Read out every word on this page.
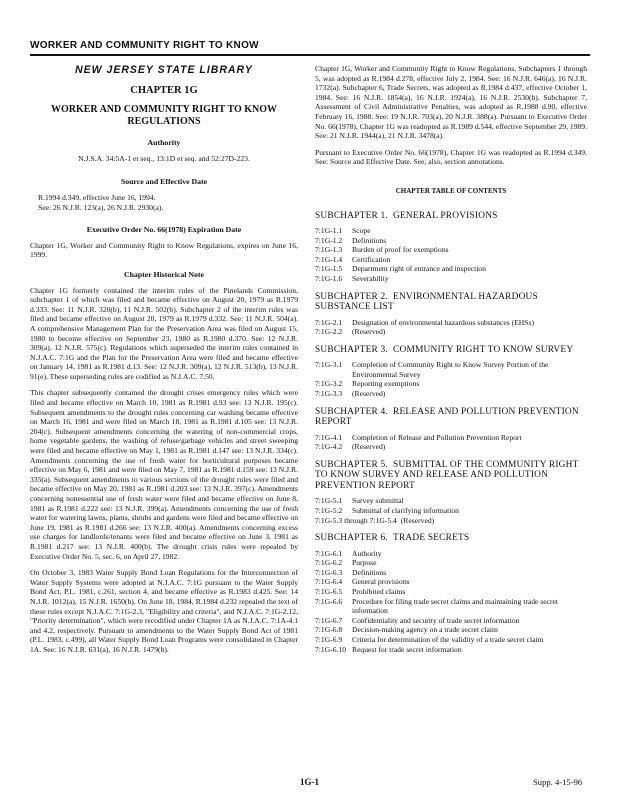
WORKER AND COMMUNITY RIGHT TO KNOW
NEW JERSEY STATE LIBRARY
CHAPTER 1G
WORKER AND COMMUNITY RIGHT TO KNOW REGULATIONS
Authority
N.J.S.A. 34:5A-1 et seq., 13:1D et seq. and 52:27D-223.
Source and Effective Date
R.1994 d.349, effective June 16, 1994.
See: 26 N.J.R. 123(a), 26 N.J.R. 2930(a).
Executive Order No. 66(1978) Expiration Date

Chapter 1G, Worker and Community Right to Know Regulations, expires on June 16, 1999.

Chapter Historical Note

Chapter 1G formerly contained the interim rules of the Pinelands Commission, subchapter 1 of which was filed and became effective on August 20, 1979 as R.1979 d.333. See: 11 N.J.R. 320(b), 11 N.J.R. 502(b). Subchapter 2 of the interim rules was filed and became effective on August 20, 1979 as R.1979 d.332. See: 11 N.J.R. 504(a). A comprehensive Management Plan for the Preservation Area was filed on August 15, 1980 to become effective on September 23, 1980 as R.1980 d.370. See: 12 N.J.R. 309(a), 12 N.J.R. 575(c). Regulations which superseded the interim rules contained in N.J.A.C. 7:1G and the Plan for the Preservation Area were filed and became effective on January 14, 1981 as R.1981 d.13. See: 12 N.J.R. 309(a), 12 N.J.R. 513(b), 13 N.J.R. 91(e). These superseding rules are codified as N.J.A.C. 7:50.

This chapter subsequently contained the drought crises emergency rules which were filed and became effective on March 10, 1981 as R.1981 d.93 see: 13 N.J.R. 195(c). Subsequent amendments to the drought rules concerning car washing became effective on March 16, 1981 and were filed on March 18, 1981 as R.1981 d.105 see: 13 N.J.R. 204(c). Subsequent amendments concerning the watering of non-commercial crops, home vegetable gardens, the washing of refuse/garbage vehicles and street sweeping were filed and became effective on May 1, 1981 as R.1981 d.147 see: 13 N.J.R. 334(c). Amendments concerning the use of fresh water for horticultural purposes became effective on May 6, 1981 and were filed on May 7, 1981 as R.1981 d.159 see: 13 N.J.R. 335(a). Subsequent amendments to various sections of the drought rules were filed and became effective on May 20, 1981 as R.1981 d.203 see: 13 N.J.R. 397(c). Amendments concerning nonessential use of fresh water were filed and became effective on June 8, 1981 as R.1981 d.222 see: 13 N.J.R. 399(a). Amendments concerning the use of fresh water for watering lawns, plants, shrubs and gardens were filed and became effective on June 19, 1981 as R.1981 d.266 see: 13 N.J.R. 400(a). Amendments concerning excess use charges for landlords/tenants were filed and became effective on June 3, 1981 as R.1981 d.217 see: 13 N.J.R. 400(b). The drought crisis rules were repealed by Executive Order No. 5, sec. 6, on April 27, 1982.

On October 3, 1983 Water Supply Bond Loan Regulations for the Interconnection of Water Supply Systems were adopted at N.J.A.C. 7:1G pursuant to the Water Supply Bond Act, P.L. 1981, c.261, section 4, and became effective as R.1983 d.425. See: 14 N.J.R. 1012(a), 15 N.J.R. 1650(b). On June 18, 1984, R.1984 d.232 repealed the text of these rules except N.J.A.C. 7:1G-2.3, "Eligibility and criteria", and N.J.A.C. 7:1G-2.12, "Priority determination", which were recodified under Chapter 1A as N.J.A.C. 7:1A-4.1 and 4.2, respectively. Pursuant to amendments to the Water Supply Bond Act of 1981 (P.L. 1983, c.499), all Water Supply Bond Loan Programs were consolidated in Chapter 1A. See: 16 N.J.R. 631(a), 16 N.J.R. 1479(b).

Chapter 1G, Worker and Community Right to Know Regulations, Subchapters 1 through 5, was adopted as R.1984 d.278, effective July 2, 1984. See: 16 N.J.R. 646(a), 16 N.J.R. 1732(a). Subchapter 6, Trade Secrets, was adopted as R.1984 d.437, effective October 1, 1984. See: 16 N.J.R. 1854(a), 16 N.J.R. 1924(a), 16 N.J.R. 2530(b). Subchapter 7, Assessment of Civil Administrative Penalties, was adopted as R.1988 d.90, effective February 16, 1988. See: 19 N.J.R. 703(a), 20 N.J.R. 388(a). Pursuant to Executive Order No. 66(1978), Chapter 1G was readopted as R.1989 d.544, effective September 29, 1989. See: 21 N.J.R. 1944(a), 21 N.J.R. 3478(a).

Pursuant to Executive Order No. 66(1978), Chapter 1G was readopted as R.1994 d.349. See: Source and Effective Date. See, also, section annotations.

CHAPTER TABLE OF CONTENTS
SUBCHAPTER 1. GENERAL PROVISIONS
7:1G-1.1	Scope
7:1G-1.2	Definitions
7:1G-1.3	Burden of proof for exemptions
7:1G-1.4	Certification
7:1G-1.5	Department right of entrance and inspection
7:1G-1.6	Severability
SUBCHAPTER 2. ENVIRONMENTAL HAZARDOUS SUBSTANCE LIST
7:1G-2.1	Designation of environmental hazardous substances (EHSs)
7:1G-2.2	(Reserved)
SUBCHAPTER 3. COMMUNITY RIGHT TO KNOW SURVEY
7:1G-3.1	Completion of Community Right to Know Survey Portion of the Environmental Survey
7:1G-3.2	Reporting exemptions
7:1G-3.3	(Reserved)
SUBCHAPTER 4. RELEASE AND POLLUTION PREVENTION REPORT
7:1G-4.1	Completion of Release and Pollution Prevention Report
7:1G-4.2	(Reserved)
SUBCHAPTER 5. SUBMITTAL OF THE COMMUNITY RIGHT TO KNOW SURVEY AND RELEASE AND POLLUTION PREVENTION REPORT
7:1G-5.1	Survey submittal
7:1G-5.2	Submittal of clarifying information
7:1G-5.3 through 7:1G-5.4 (Reserved)
SUBCHAPTER 6. TRADE SECRETS
7:1G-6.1	Authority
7:1G-6.2	Purpose
7:1G-6.3	Definitions
7:1G-6.4	General provisions
7:1G-6.5	Prohibited claims
7:1G-6.6	Procedure for filing trade secret claims and maintaining trade secret information
7:1G-6.7	Confidentiality and security of trade secret information
7:1G-6.8	Decision-making agency on a trade secret claim
7:1G-6.9	Criteria for determination of the validity of a trade secret claim
7:1G-6.10 Request for trade secret information
1G-1	Supp. 4-15-96
